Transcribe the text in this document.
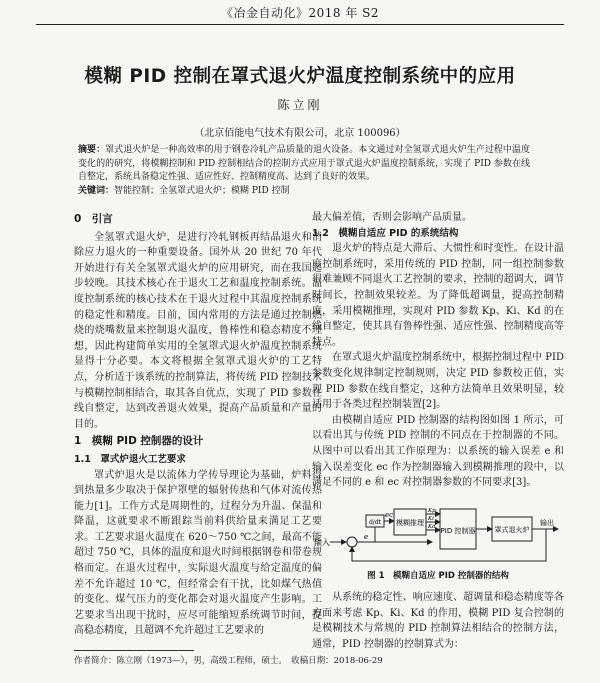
《冶金自动化》2018 年 S2
模糊 PID 控制在罩式退火炉温度控制系统中的应用
陈立刚
（北京佰能电气技术有限公司，北京 100096）
摘要：罩式退火炉是一种高效率的用于钢卷冷轧产品质量的退火设备。本文通过对全氢罩式退火炉生产过程中温度变化的的研究，将模糊控制和 PID 控制相结合的控制方式应用于罩式退火炉温度控制系统，实现了 PID 参数在线自整定，系统具备稳定性强、适应性好、控制精度高、达到了良好的效果。
关键词：智能控制；全氢罩式退火炉；模糊 PID 控制
0　引言

全氢罩式退火炉，是进行冷轧钢板再结晶退火和消除应力退火的一种重要设备。国外从 20 世纪 70 年代开始进行有关全氢罩式退火炉的应用研究，而在我国起步较晚。其技术核心在于退火工艺和温度控制系统。温度控制系统的核心技术在于退火过程中其温度控制系统的稳定性和精度。目前，国内常用的方法是通过控制燃烧的烧嘴数量来控制退火温度，鲁棒性和稳态精度不理想，因此构建简单实用的全氢罩式退火炉温度控制系统显得十分必要。本文将根据全氢罩式退火炉的工艺特点，分析适于该系统的控制算法，将传统 PID 控制技术与模糊控制相结合，取其各自优点，实现了 PID 参数在线自整定，达到改善退火效果，提高产品质量和产量的目的。

1　模糊 PID 控制器的设计
1.1　罩式炉退火工艺要求

罩式炉退火是以流体力学传导理论为基础，炉料得到热量多少取决于保护罩壁的辐射传热和气体对流传热能力[1]。工作方式是周期性的，过程分为升温、保温和降温，这就要求不断跟踪当前料供给量来满足工艺要求。工艺要求退火温度在 620～750 ℃之间，最高不能超过 750 ℃，具体的温度和退火时间根据钢卷和带卷规格而定。在退火过程中，实际退火温度与给定温度的偏差不允许超过 10 ℃，但经常会有干扰，比如煤气热值的变化、煤气压力的变化都会对退火温度产生影响。工艺要求当出现干扰时，应尽可能缩短系统调节时间，提高稳态精度，且超调不允许超过工艺要求的

最大偏差值，否则会影响产品质量。

1.2　模糊自适应 PID 的系统结构

退火炉的特点是大滞后、大惯性和时变性。在设计温度控制系统时，采用传统的 PID 控制，同一组控制参数很难兼顾不同退火工艺控制的要求，控制的超调大，调节时间长，控制效果较差。为了降低超调量，提高控制精度，采用模糊推理，实现对 PID 参数 Kp、Ki、Kd 的在线自整定，使其具有鲁棒性强、适应性强、控制精度高等特点。

在罩式退火炉温度控制系统中，根据控制过程中 PID 参数变化规律制定控制规则，决定 PID 参数校正值，实现 PID 参数在线自整定，这种方法简单且效果明显，较适用于各类过程控制装置[2]。

由模糊自适应 PID 控制器的结构图如图 1 所示，可以看出其与传统 PID 控制的不同点在于控制器的不同。从图中可以看出其工作原理为：以系统的输入误差 e 和输入误差变化 ec 作为控制器输入到模糊推理的段中，以满足不同的 e 和 ec 对控制器参数的不同要求[3]。

输入
e
d/dt
ec
模糊推理
Kp
Ki
Kd PID 控制器	罩式退火炉
输出
图 1　模糊自适应 PID 控制器的结构

从系统的稳定性、响应速度、超调量和稳态精度等各方面来考虑 Kp、Ki、Kd 的作用，模糊 PID 复合控制的是模糊技术与常规的 PID 控制算法相结合的控制方法，通常，PID 控制器的控制算式为：

作者简介：陈立刚（1973—），男，高级工程师，硕士。　收稿日期：2018-06-29
